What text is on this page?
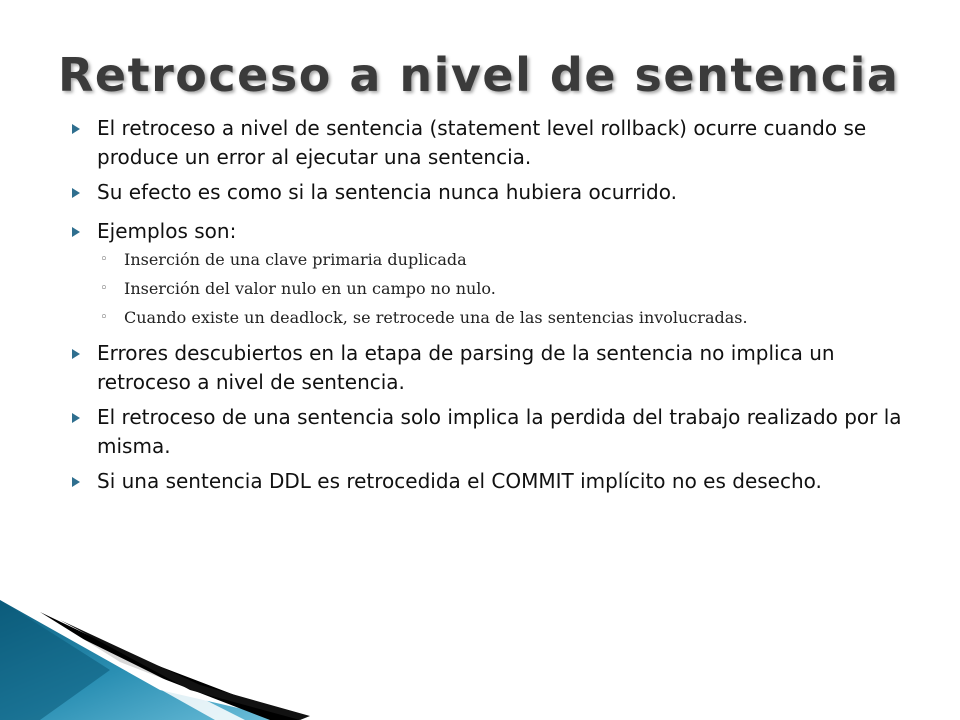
Retroceso a nivel de sentencia
El retroceso a nivel de sentencia (statement level rollback) ocurre cuando se produce un error al ejecutar una sentencia.
Su efecto es como si la sentencia nunca hubiera ocurrido.
Ejemplos son:
◦ Inserción de una clave primaria duplicada
◦ Inserción del valor nulo en un campo no nulo.
◦ Cuando existe un deadlock, se retrocede una de las sentencias involucradas.
Errores descubiertos en la etapa de parsing de la sentencia no implica un retroceso a nivel de sentencia.
El retroceso de una sentencia solo implica la perdida del trabajo realizado por la misma.
Si una sentencia DDL es retrocedida el COMMIT implícito no es desecho.
